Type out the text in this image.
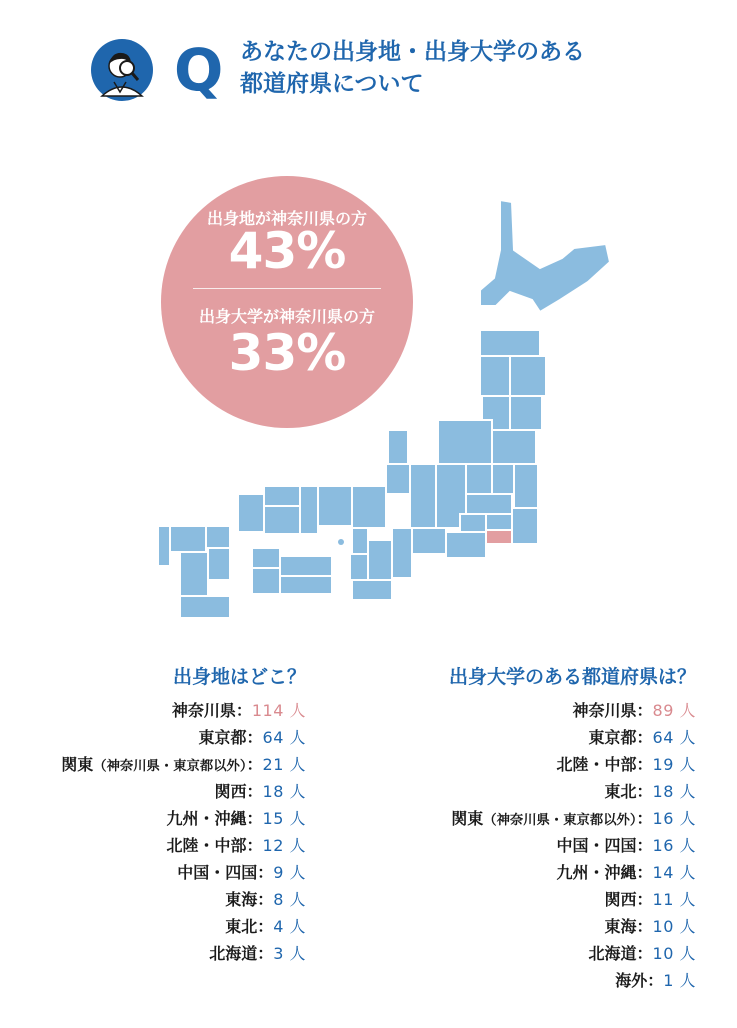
Q あなたの出身地・出身大学のある
都道府県について
出身地が神奈川県の方
43%
出身大学が神奈川県の方
33%
出身地はどこ？
神奈川県：114 人
東京都：64 人
関東（神奈川県・東京都以外）：21 人
関西：18 人
九州・沖縄：15 人
北陸・中部：12 人
中国・四国：9 人
東海：8 人
東北：4 人
北海道：3 人
出身大学のある都道府県は？
神奈川県：89 人
東京都：64 人
北陸・中部：19 人
東北：18 人
関東（神奈川県・東京都以外）：16 人
中国・四国：16 人
九州・沖縄：14 人
関西：11 人
東海：10 人
北海道：10 人
海外：1 人
